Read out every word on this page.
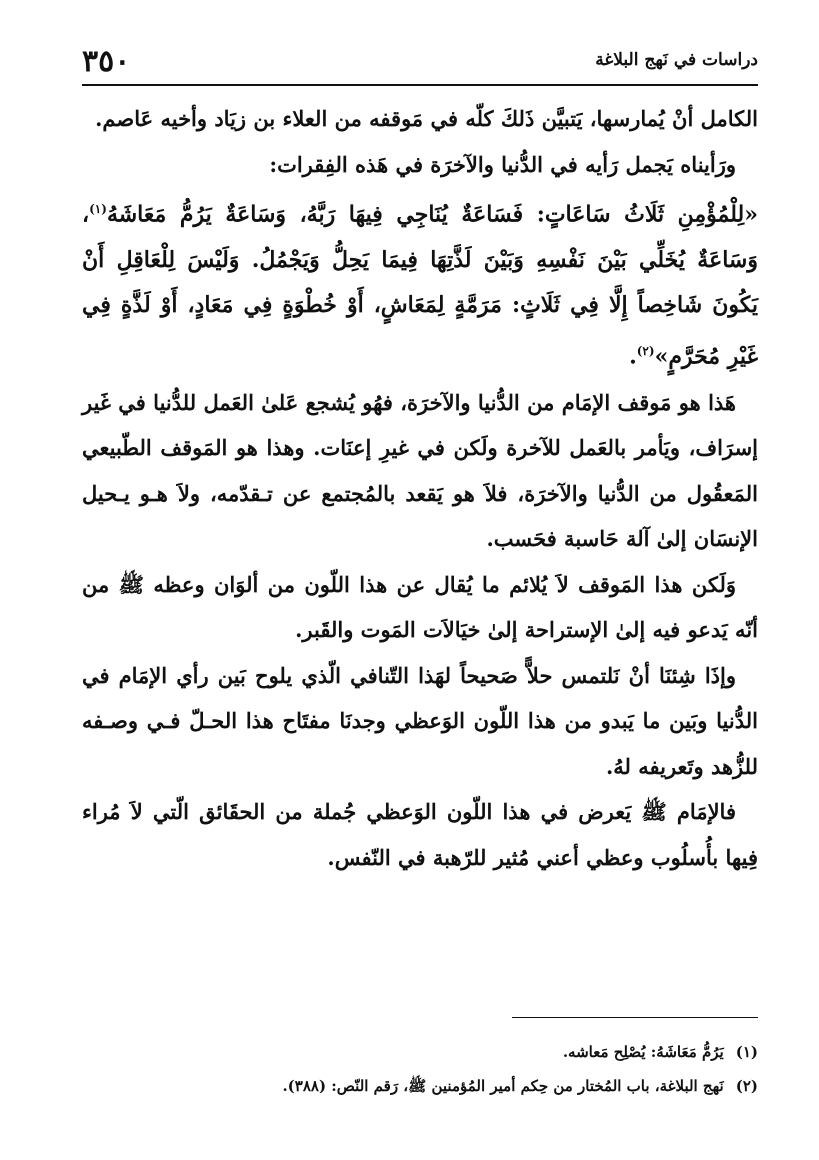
دراسات في نَهج البلاغة
٣٥٠

الكامل أنْ يُمارسها، يَتبيَّن ذَلكَ كلّه في مَوقفه من العلاء بن زيَاد وأخيه عَاصم.

ورَأيناه يَجمل رَأيه في الدُّنيا والآخرَة في هَذه الفِقرات:

«لِلْمُؤْمِنِ ثَلَاثُ سَاعَاتٍ: فَسَاعَةٌ يُنَاجِي فِيهَا رَبَّهُ، وَسَاعَةٌ يَرُمُّ مَعَاشَهُ$^{(١)}$، وَسَاعَةٌ يُخَلِّي بَيْنَ نَفْسِهِ وَبَيْنَ لَذَّتِهَا فِيمَا يَحِلُّ وَيَجْمُلُ. وَلَيْسَ لِلْعَاقِلِ أَنْ يَكُونَ شَاخِصاً إِلَّا فِي ثَلَاثٍ: مَرَمَّةٍ لِمَعَاشٍ، أَوْ خُطْوَةٍ فِي مَعَادٍ، أَوْ لَذَّةٍ فِي غَيْرِ مُحَرَّمٍ»$^{(٢)}$.

هَذا هو مَوقف الإمَام من الدُّنيا والآخرَة، فهُو يُشجع عَلىٰ العَمل للدُّنيا في غَير إسرَاف، ويَأمر بالعَمل للآخرة ولَكن في غيرِ إعنَات. وهذا هو المَوقف الطّبيعي المَعقُول من الدُّنيا والآخرَة، فلاَ هو يَقعد بالمُجتمع عن تـقدّمه، ولاَ هـو يـحيل الإنسَان إلىٰ آلة حَاسبة فحَسب.

وَلَكن هذا المَوقف لاَ يُلائم ما يُقال عن هذا اللّون من ألوَان وعظه ﷺ من أنّه يَدعو فيه إلىٰ الإستراحة إلىٰ خيَالاَت المَوت والقَبر.

وإذَا شِئنَا أنْ نَلتمس حلاًّ صَحيحاً لهَذا التّنافي الّذي يلوح بَين رأي الإمَام في الدُّنيا وبَين ما يَبدو من هذا اللّون الوَعظي وجدنَا مفتَاح هذا الحـلّ فـي وصـفه للزُّهد وتَعريفه لهُ.

فالإمَام ﷺ يَعرض في هذا اللّون الوَعظي جُملة من الحقَائق الّتي لاَ مُراء فِيها بأُسلُوب وعظي أعني مُثير للرّهبة في النّفس.

(١)يَرُمُّ مَعَاشَهُ: يُصْلِح مَعاشه.

(٢)نَهج البلاغة، باب المُختار من حِكم أمير المُؤمنين ﷺ، رَقم النّص: (٣٨٨).
